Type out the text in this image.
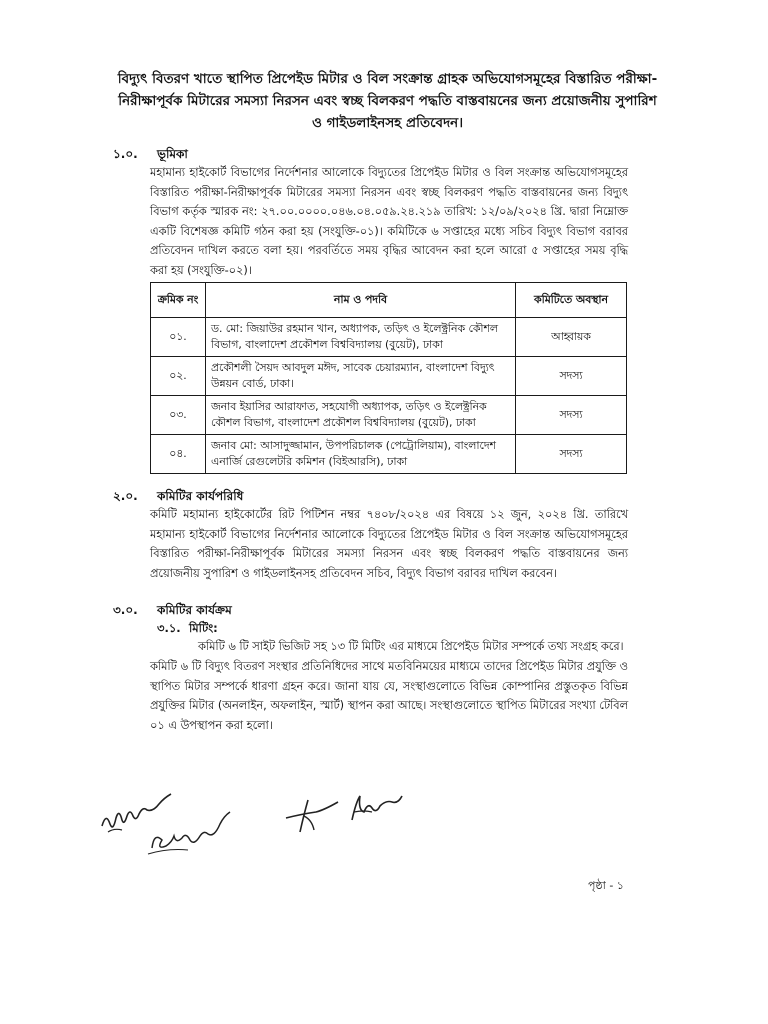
বিদ্যুৎ বিতরণ খাতে স্থাপিত প্রিপেইড মিটার ও বিল সংক্রান্ত গ্রাহক অভিযোগসমূহের বিস্তারিত পরীক্ষা-নিরীক্ষাপূর্বক মিটারের সমস্যা নিরসন এবং স্বচ্ছ বিলকরণ পদ্ধতি বাস্তবায়নের জন্য প্রয়োজনীয় সুপারিশ ও গাইডলাইনসহ প্রতিবেদন।
১.০. ভূমিকা
মহামান্য হাইকোর্ট বিভাগের নির্দেশনার আলোকে বিদ্যুতের প্রিপেইড মিটার ও বিল সংক্রান্ত অভিযোগসমূহের বিস্তারিত পরীক্ষা-নিরীক্ষাপূর্বক মিটারের সমস্যা নিরসন এবং স্বচ্ছ বিলকরণ পদ্ধতি বাস্তবায়নের জন্য বিদ্যুৎ বিভাগ কর্তৃক স্মারক নং: ২৭.০০.০০০০.০৪৬.০৪.০৫৯.২৪.২১৯ তারিখ: ১২/০৯/২০২৪ খ্রি. দ্বারা নিম্নোক্ত একটি বিশেষজ্ঞ কমিটি গঠন করা হয় (সংযুক্তি-০১)। কমিটিকে ৬ সপ্তাহের মধ্যে সচিব বিদ্যুৎ বিভাগ বরাবর প্রতিবেদন দাখিল করতে বলা হয়। পরবর্তিতে সময় বৃদ্ধির আবেদন করা হলে আরো ৫ সপ্তাহের সময় বৃদ্ধি করা হয় (সংযুক্তি-০২)।
ক্রমিক নং	নাম ও পদবি	কমিটিতে অবস্থান
০১.	ড. মো: জিয়াউর রহমান খান, অধ্যাপক, তড়িৎ ও ইলেক্ট্রনিক কৌশল বিভাগ, বাংলাদেশ প্রকৌশল বিশ্ববিদ্যালয় (বুয়েট), ঢাকা	আহ্বায়ক
০২.	প্রকৌশলী সৈয়দ আবদুল মঈদ, সাবেক চেয়ারম্যান, বাংলাদেশ বিদ্যুৎ উন্নয়ন বোর্ড, ঢাকা।	সদস্য
০৩.	জনাব ইয়াসির আরাফাত, সহযোগী অধ্যাপক, তড়িৎ ও ইলেক্ট্রনিক কৌশল বিভাগ, বাংলাদেশ প্রকৌশল বিশ্ববিদ্যালয় (বুয়েট), ঢাকা	সদস্য
০৪.	জনাব মো: আসাদুজ্জামান, উপপরিচালক (পেট্রোলিয়াম), বাংলাদেশ এনার্জি রেগুলেটরি কমিশন (বিইআরসি), ঢাকা	সদস্য
২.০. কমিটির কার্যপরিধি
কমিটি মহামান্য হাইকোর্টের রিট পিটিশন নম্বর ৭৪০৮/২০২৪ এর বিষয়ে ১২ জুন, ২০২৪ খ্রি. তারিখে মহামান্য হাইকোর্ট বিভাগের নির্দেশনার আলোকে বিদ্যুতের প্রিপেইড মিটার ও বিল সংক্রান্ত অভিযোগসমূহের বিস্তারিত পরীক্ষা-নিরীক্ষাপূর্বক মিটারের সমস্যা নিরসন এবং স্বচ্ছ বিলকরণ পদ্ধতি বাস্তবায়নের জন্য প্রয়োজনীয় সুপারিশ ও গাইডলাইনসহ প্রতিবেদন সচিব, বিদ্যুৎ বিভাগ বরাবর দাখিল করবেন।
৩.০. কমিটির কার্যক্রম
৩.১. মিটিং:
কমিটি ৬ টি সাইট ভিজিট সহ ১৩ টি মিটিং এর মাধ্যমে প্রিপেইড মিটার সম্পর্কে তথ্য সংগ্রহ করে।
কমিটি ৬ টি বিদ্যুৎ বিতরণ সংস্থার প্রতিনিধিদের সাথে মতবিনিময়ের মাধ্যমে তাদের প্রিপেইড মিটার প্রযুক্তি ও স্থাপিত মিটার সম্পর্কে ধারণা গ্রহন করে। জানা যায় যে, সংস্থাগুলোতে বিভিন্ন কোম্পানির প্রস্তুতকৃত বিভিন্ন প্রযুক্তির মিটার (অনলাইন, অফলাইন, স্মার্ট) স্থাপন করা আছে। সংস্থাগুলোতে স্থাপিত মিটারের সংখ্যা টেবিল ০১ এ উপস্থাপন করা হলো।
পৃষ্ঠা - ১
